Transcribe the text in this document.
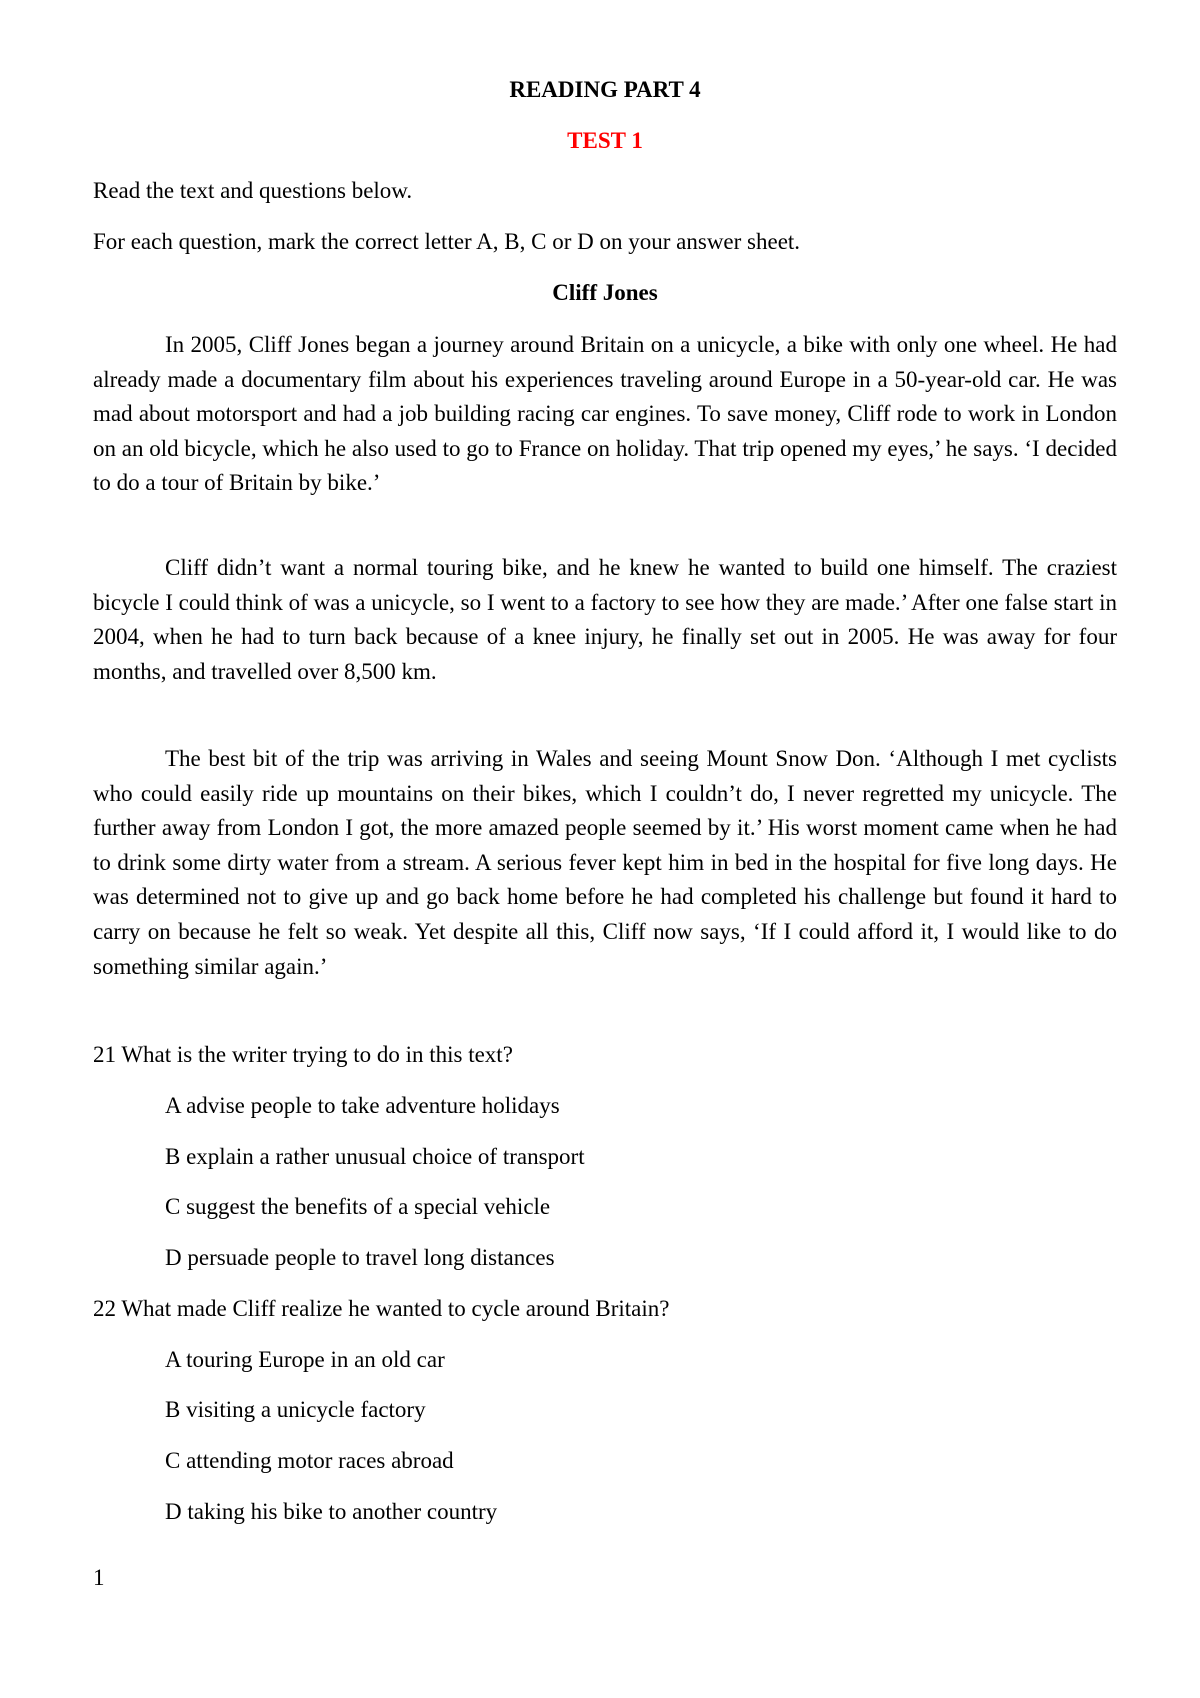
READING PART 4
TEST 1
Read the text and questions below.
For each question, mark the correct letter A, B, C or D on your answer sheet.
Cliff Jones

In 2005, Cliff Jones began a journey around Britain on a unicycle, a bike with only one wheel. He had already made a documentary film about his experiences traveling around Europe in a 50-year-old car. He was mad about motorsport and had a job building racing car engines. To save money, Cliff rode to work in London on an old bicycle, which he also used to go to France on holiday. That trip opened my eyes,’ he says. ‘I decided to do a tour of Britain by bike.’

Cliff didn’t want a normal touring bike, and he knew he wanted to build one himself. The craziest bicycle I could think of was a unicycle, so I went to a factory to see how they are made.’ After one false start in 2004, when he had to turn back because of a knee injury, he finally set out in 2005. He was away for four months, and travelled over 8,500 km.

The best bit of the trip was arriving in Wales and seeing Mount Snow Don. ‘Although I met cyclists who could easily ride up mountains on their bikes, which I couldn’t do, I never regretted my unicycle. The further away from London I got, the more amazed people seemed by it.’ His worst moment came when he had to drink some dirty water from a stream. A serious fever kept him in bed in the hospital for five long days. He was determined not to give up and go back home before he had completed his challenge but found it hard to carry on because he felt so weak. Yet despite all this, Cliff now says, ‘If I could afford it, I would like to do something similar again.’

21 What is the writer trying to do in this text?
A advise people to take adventure holidays
B explain a rather unusual choice of transport
C suggest the benefits of a special vehicle
D persuade people to travel long distances
22 What made Cliff realize he wanted to cycle around Britain?
A touring Europe in an old car
B visiting a unicycle factory
C attending motor races abroad
D taking his bike to another country
1
